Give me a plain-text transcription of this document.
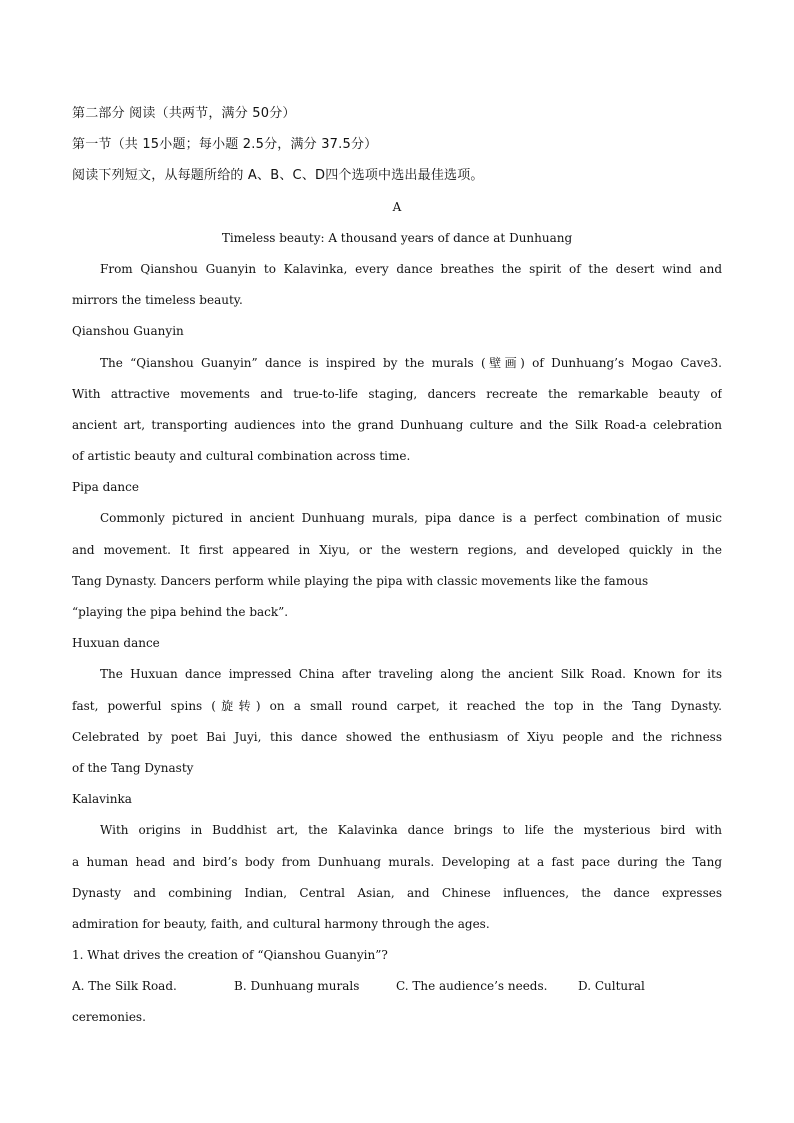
第二部分 阅读（共两节，满分 50分）
第一节（共 15小题；每小题 2.5分，满分 37.5分）
阅读下列短文，从每题所给的 A、B、C、D四个选项中选出最佳选项。
A
Timeless beauty: A thousand years of dance at Dunhuang
From Qianshou Guanyin to Kalavinka, every dance breathes the spirit of the desert wind and
mirrors the timeless beauty.
Qianshou Guanyin
The “Qianshou Guanyin” dance is inspired by the murals (壁画) of Dunhuang’s Mogao Cave3.
With attractive movements and true-to-life staging, dancers recreate the remarkable beauty of
ancient art, transporting audiences into the grand Dunhuang culture and the Silk Road-a celebration
of artistic beauty and cultural combination across time.
Pipa dance
Commonly pictured in ancient Dunhuang murals, pipa dance is a perfect combination of music
and movement. It first appeared in Xiyu, or the western regions, and developed quickly in the
Tang Dynasty. Dancers perform while playing the pipa with classic movements like the famous
“playing the pipa behind the back”.
Huxuan dance
The Huxuan dance impressed China after traveling along the ancient Silk Road. Known for its
fast, powerful spins (旋转) on a small round carpet, it reached the top in the Tang Dynasty.
Celebrated by poet Bai Juyi, this dance showed the enthusiasm of Xiyu people and the richness
of the Tang Dynasty
Kalavinka
With origins in Buddhist art, the Kalavinka dance brings to life the mysterious bird with
a human head and bird’s body from Dunhuang murals. Developing at a fast pace during the Tang
Dynasty and combining Indian, Central Asian, and Chinese influences, the dance expresses
admiration for beauty, faith, and cultural harmony through the ages.
1. What drives the creation of “Qianshou Guanyin”?
A. The Silk Road.	B. Dunhuang murals	C. The audience’s needs.	D. Cultural
ceremonies.
